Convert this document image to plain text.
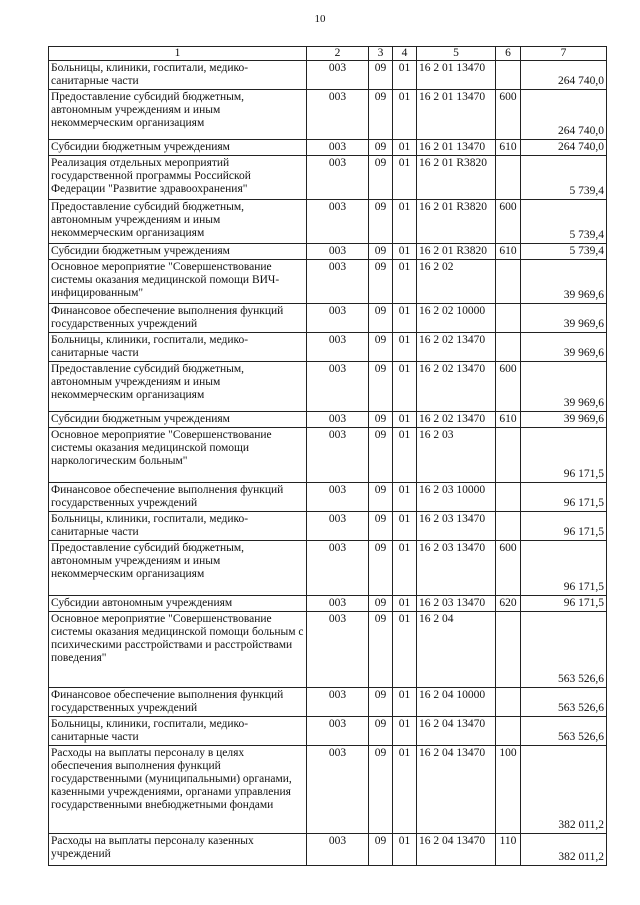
10
1	2	3	4	5	6	7
Больницы, клиники, госпитали, медико-санитарные части	003	09	01	16 2 01 13470		264 740,0
Предоставление субсидий бюджетным, автономным учреждениям и иным некоммерческим организациям	003	09	01	16 2 01 13470	600	264 740,0
Субсидии бюджетным учреждениям	003	09	01	16 2 01 13470	610	264 740,0
Реализация отдельных мероприятий государственной программы Российской Федерации "Развитие здравоохранения"	003	09	01	16 2 01 R3820		5 739,4
Предоставление субсидий бюджетным, автономным учреждениям и иным некоммерческим организациям	003	09	01	16 2 01 R3820	600	5 739,4
Субсидии бюджетным учреждениям	003	09	01	16 2 01 R3820	610	5 739,4
Основное мероприятие "Совершенствование системы оказания медицинской помощи ВИЧ-инфицированным"	003	09	01	16 2 02		39 969,6
Финансовое обеспечение выполнения функций государственных учреждений	003	09	01	16 2 02 10000		39 969,6
Больницы, клиники, госпитали, медико-санитарные части	003	09	01	16 2 02 13470		39 969,6
Предоставление субсидий бюджетным, автономным учреждениям и иным некоммерческим организациям	003	09	01	16 2 02 13470	600	39 969,6
Субсидии бюджетным учреждениям	003	09	01	16 2 02 13470	610	39 969,6
Основное мероприятие "Совершенствование системы оказания медицинской помощи наркологическим больным"	003	09	01	16 2 03		96 171,5
Финансовое обеспечение выполнения функций государственных учреждений	003	09	01	16 2 03 10000		96 171,5
Больницы, клиники, госпитали, медико-санитарные части	003	09	01	16 2 03 13470		96 171,5
Предоставление субсидий бюджетным, автономным учреждениям и иным некоммерческим организациям	003	09	01	16 2 03 13470	600	96 171,5
Субсидии автономным учреждениям	003	09	01	16 2 03 13470	620	96 171,5
Основное мероприятие "Совершенствование системы оказания медицинской помощи больным с психическими расстройствами и расстройствами поведения"	003	09	01	16 2 04		563 526,6
Финансовое обеспечение выполнения функций государственных учреждений	003	09	01	16 2 04 10000		563 526,6
Больницы, клиники, госпитали, медико-санитарные части	003	09	01	16 2 04 13470		563 526,6
Расходы на выплаты персоналу в целях обеспечения выполнения функций государственными (муниципальными) органами, казенными учреждениями, органами управления государственными внебюджетными фондами	003	09	01	16 2 04 13470	100	382 011,2
Расходы на выплаты персоналу казенных учреждений	003	09	01	16 2 04 13470	110	382 011,2
